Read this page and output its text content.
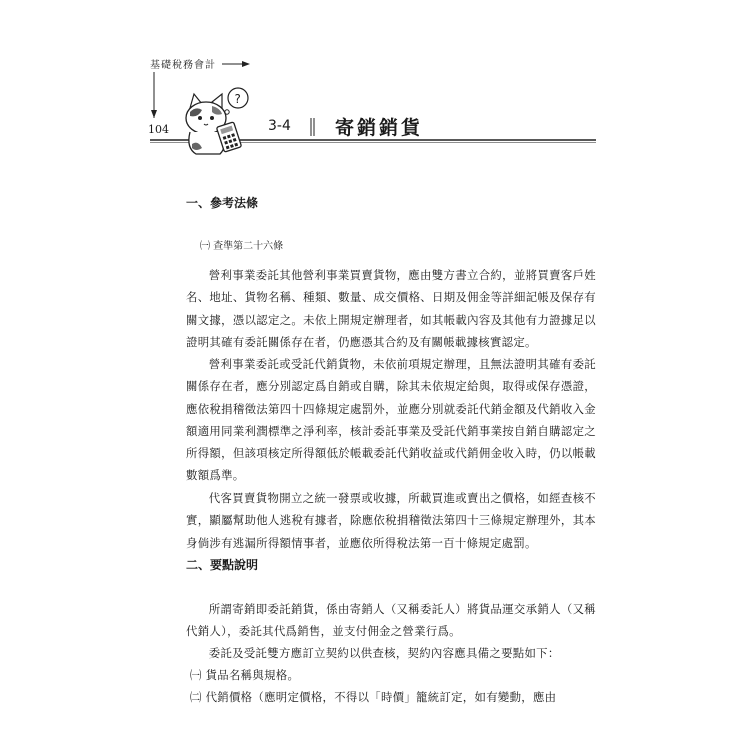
基礎稅務會計
?
104	3-4 寄銷銷貨
一、參考法條
㈠ 查準第二十六條
營利事業委託其他營利事業買賣貨物，應由雙方書立合約，並將買賣客戶姓名、地址、貨物名稱、種類、數量、成交價格、日期及佣金等詳細記帳及保存有關文據，憑以認定之。未依上開規定辦理者，如其帳載內容及其他有力證據足以證明其確有委託關係存在者，仍應憑其合約及有關帳載據核實認定。
營利事業委託或受託代銷貨物，未依前項規定辦理，且無法證明其確有委託關係存在者，應分別認定爲自銷或自購，除其未依規定給與，取得或保存憑證，應依稅捐稽徵法第四十四條規定處罰外，並應分別就委託代銷金額及代銷收入金額適用同業利潤標準之淨利率，核計委託事業及受託代銷事業按自銷自購認定之所得額，但該項核定所得額低於帳載委託代銷收益或代銷佣金收入時，仍以帳載數額爲準。
代客買賣貨物開立之統一發票或收據，所載買進或賣出之價格，如經查核不實，顯屬幫助他人逃稅有據者，除應依稅捐稽徵法第四十三條規定辦理外，其本身倘涉有逃漏所得額情事者，並應依所得稅法第一百十條規定處罰。
二、要點說明
所謂寄銷即委託銷貨，係由寄銷人（又稱委託人）將貨品運交承銷人（又稱代銷人），委託其代爲銷售，並支付佣金之營業行爲。
委託及受託雙方應訂立契約以供查核，契約內容應具備之要點如下：
㈠ 貨品名稱與規格。
㈡ 代銷價格（應明定價格，不得以「時價」籠統訂定，如有變動，應由
